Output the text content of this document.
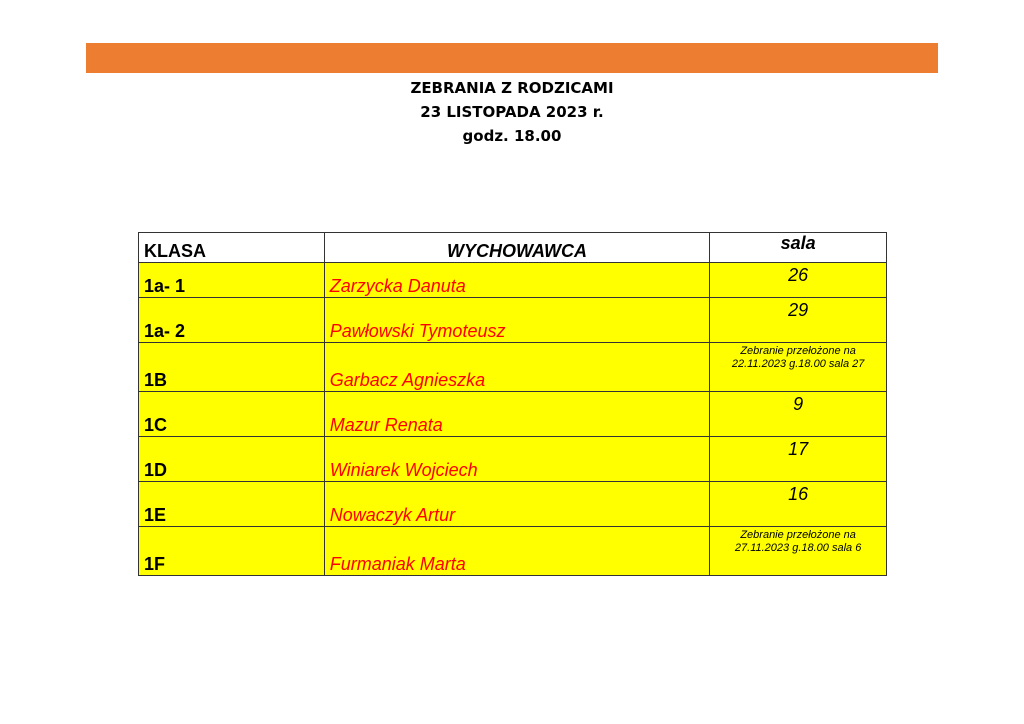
ZEBRANIA Z RODZICAMI
23 LISTOPADA 2023 r.
godz. 18.00
KLASA	WYCHOWAWCA	sala
1a- 1	Zarzycka Danuta	26

1a- 2	Pawłowski Tymoteusz	29

1B	Garbacz Agnieszka	Zebranie przełożone na 22.11.2023 g.18.00 sala 27

1C	Mazur Renata	9

1D	Winiarek Wojciech	17

1E	Nowaczyk Artur	16

1F	Furmaniak Marta	Zebranie przełożone na 27.11.2023 g.18.00 sala 6
